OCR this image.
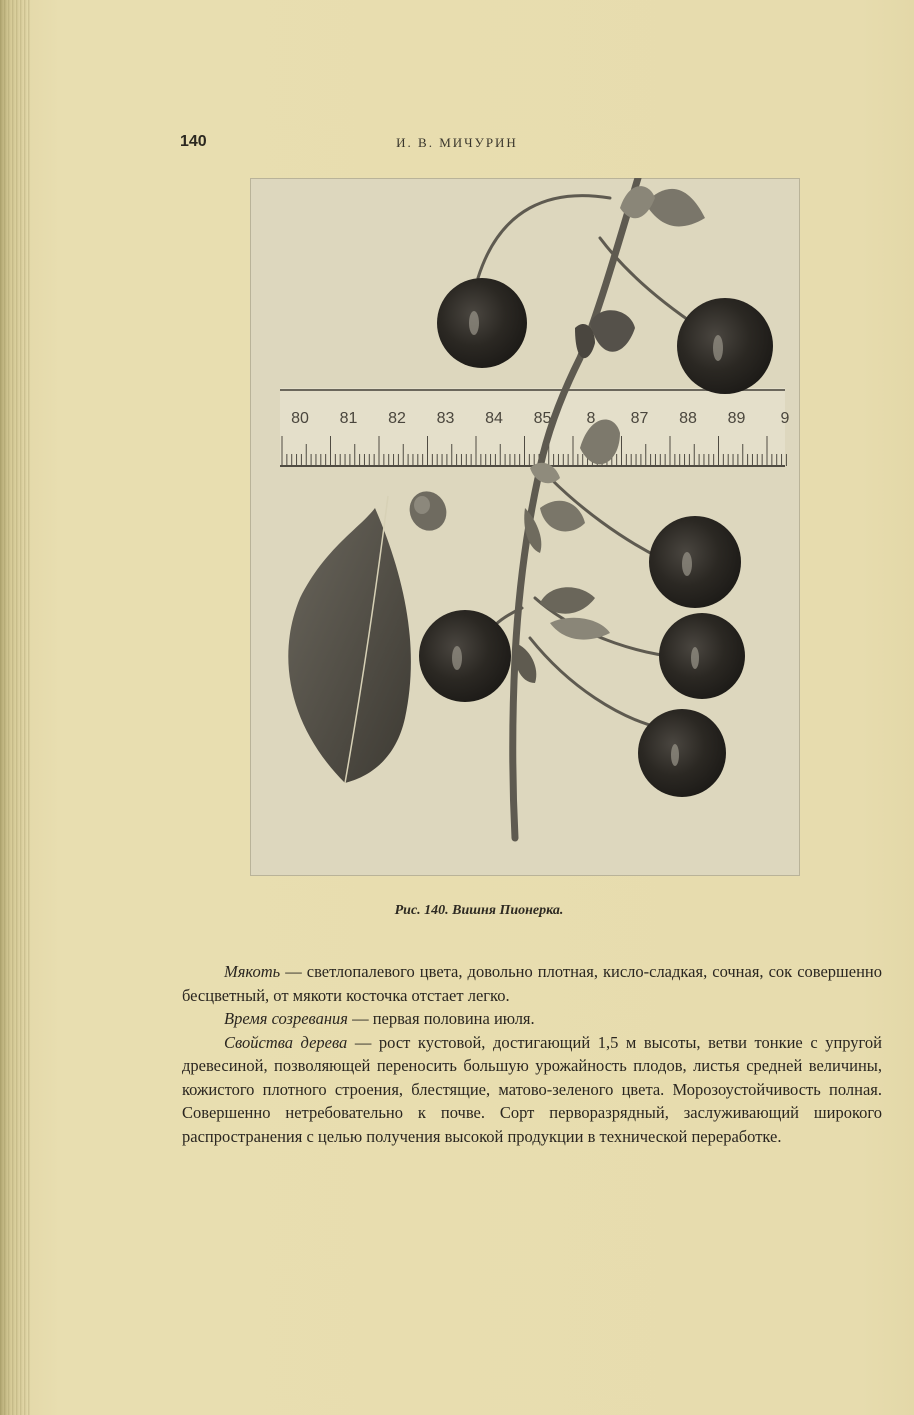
140	И. В. МИЧУРИН
80 81 82 83 84 85 8 87 88 89 9
Рис. 140. Вишня Пионерка.

Мякоть — светлопалевого цвета, довольно плотная, кисло-сладкая, сочная, сок совершенно бесцветный, от мякоти косточка отстает легко.

Время созревания — первая половина июля.

Свойства дерева — рост кустовой, достигающий 1,5 м высоты, ветви тонкие с упругой древесиной, позволяющей переносить большую урожайность плодов, листья средней величины, кожистого плотного строения, блестящие, матово-зеленого цвета. Морозоустойчивость полная. Совершенно нетребовательно к почве. Сорт перворазрядный, заслуживающий широкого распространения с целью получения высокой продукции в технической переработке.
